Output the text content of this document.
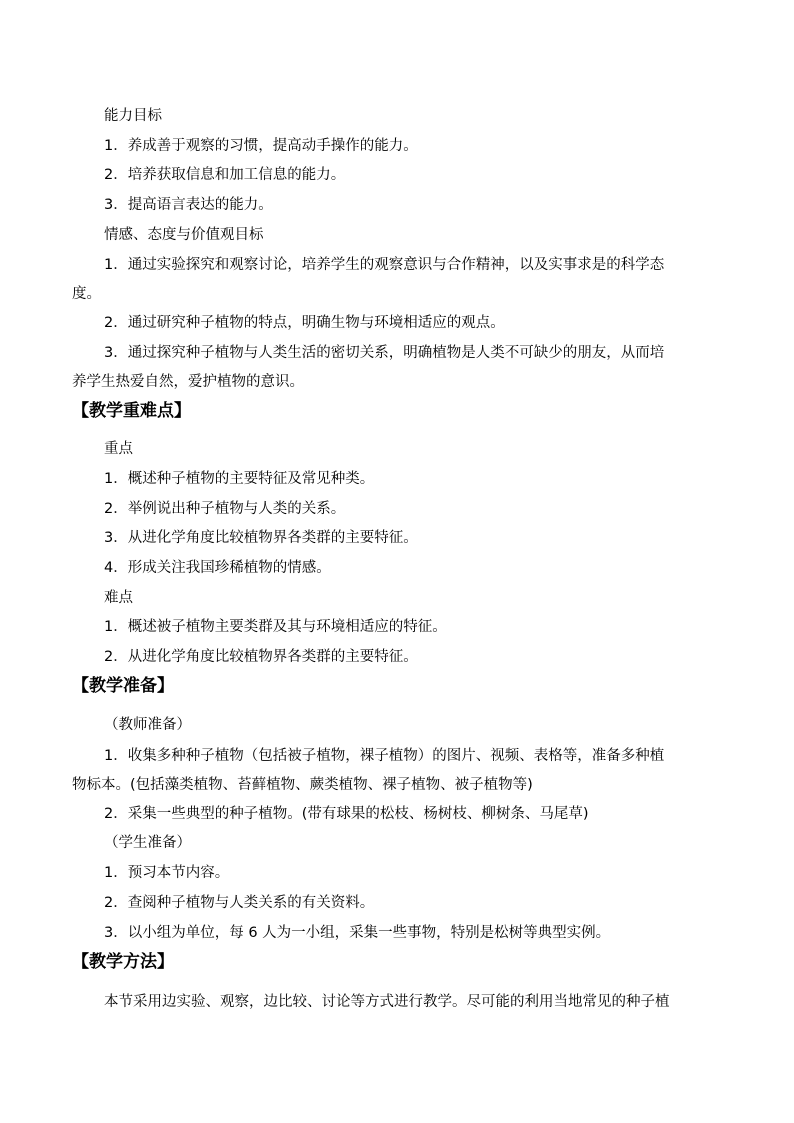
能力目标
1．养成善于观察的习惯，提高动手操作的能力。
2．培养获取信息和加工信息的能力。
3．提高语言表达的能力。
情感、态度与价值观目标
1．通过实验探究和观察讨论，培养学生的观察意识与合作精神，以及实事求是的科学态
度。
2．通过研究种子植物的特点，明确生物与环境相适应的观点。
3．通过探究种子植物与人类生活的密切关系，明确植物是人类不可缺少的朋友，从而培
养学生热爱自然，爱护植物的意识。
【教学重难点】
重点
1．概述种子植物的主要特征及常见种类。
2．举例说出种子植物与人类的关系。
3．从进化学角度比较植物界各类群的主要特征。
4．形成关注我国珍稀植物的情感。
难点
1．概述被子植物主要类群及其与环境相适应的特征。
2．从进化学角度比较植物界各类群的主要特征。
【教学准备】
（教师准备）
1．收集多种种子植物（包括被子植物，裸子植物）的图片、视频、表格等，准备多种植
物标本。(包括藻类植物、苔藓植物、蕨类植物、裸子植物、被子植物等)
2．采集一些典型的种子植物。(带有球果的松枝、杨树枝、柳树条、马尾草)
（学生准备）
1．预习本节内容。
2．查阅种子植物与人类关系的有关资料。
3．以小组为单位，每 6 人为一小组，采集一些事物，特别是松树等典型实例。
【教学方法】
本节采用边实验、观察，边比较、讨论等方式进行教学。尽可能的利用当地常见的种子植
